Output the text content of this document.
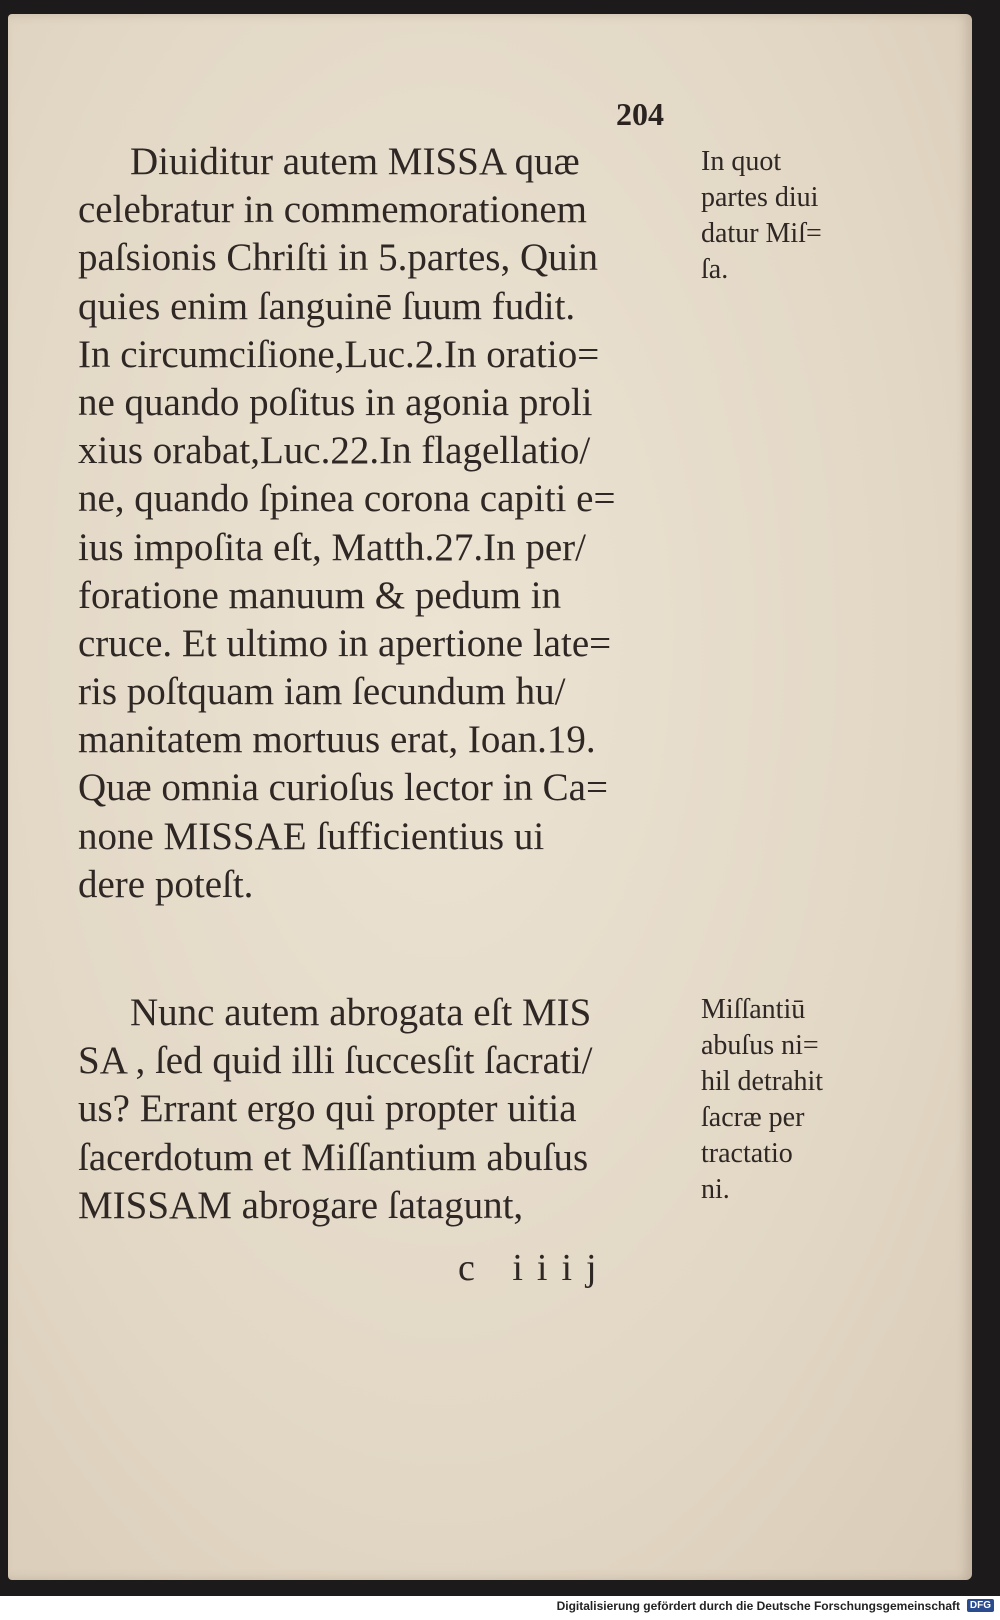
204
Diuiditur autem MISSA quæ
celebratur in commemorationem
paſsionis Chriſti in 5.partes, Quin
quies enim ſanguinē ſuum fudit.
In circumciſione,Luc.2.In oratio=
ne quando poſitus in agonia proli
xius orabat,Luc.22.In flagellatio/
ne, quando ſpinea corona capiti e=
ius impoſita eſt, Matth.27.In per/
foratione manuum & pedum in
cruce. Et ultimo in apertione late=
ris poſtquam iam ſecundum hu/
manitatem mortuus erat, Ioan.19.
Quæ omnia curioſus lector in Ca=
none MISSAE ſufficientius ui
dere poteſt.
In quot
partes diui
datur Miſ=
ſa.
Nunc autem abrogata eſt MIS
SA , ſed quid illi ſuccesſit ſacrati/
us? Errant ergo qui propter uitia
ſacerdotum et Miſſantium abuſus
MISSAM abrogare ſatagunt,
Miſſantiū
abuſus ni=
hil detrahit
ſacræ per
tractatio
ni.
c iiij
Digitalisierung gefördert durch die Deutsche Forschungsgemeinschaft DFG
